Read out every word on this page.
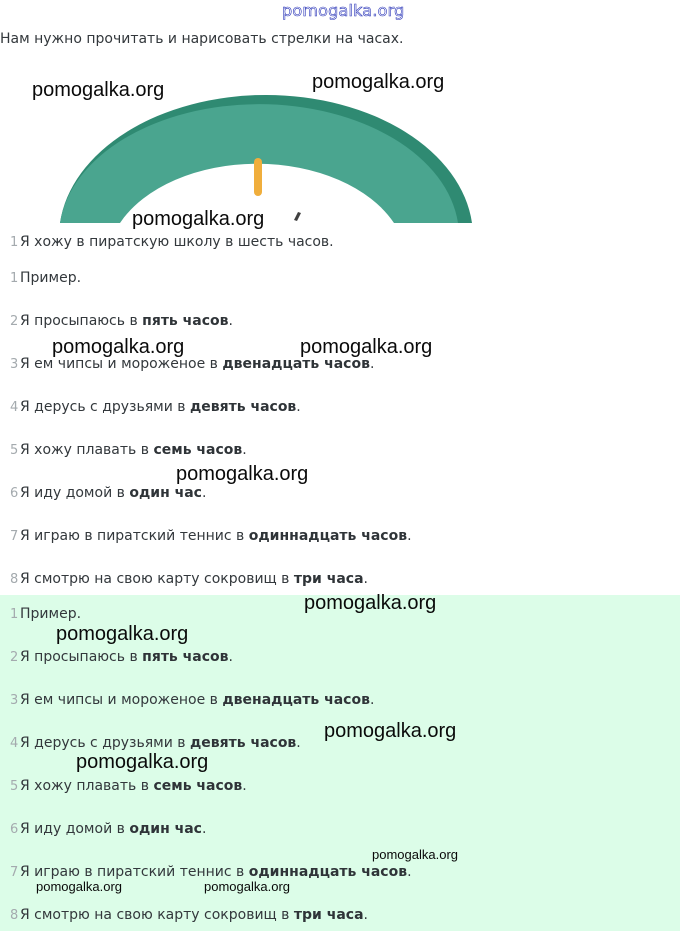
pomogalka.org
Нам нужно прочитать и нарисовать стрелки на часах.
1 Я хожу в пиратскую школу в шесть часов.
1 Пример.
2 Я просыпаюсь в пять часов .
3 Я ем чипсы и мороженое в двенадцать часов .
4 Я дерусь с друзьями в девять часов .
5 Я хожу плавать в семь часов .
6 Я иду домой в один час .
7 Я играю в пиратский теннис в одиннадцать часов .
8 Я смотрю на свою карту сокровищ в три часа .
1 Пример.
2 Я просыпаюсь в пять часов .
3 Я ем чипсы и мороженое в двенадцать часов .
4 Я дерусь с друзьями в девять часов .
5 Я хожу плавать в семь часов .
6 Я иду домой в один час .
7 Я играю в пиратский теннис в одиннадцать часов .
8 Я смотрю на свою карту сокровищ в три часа .
pomogalka.org	pomogalka.org
pomogalka.org
pomogalka.org	pomogalka.org
pomogalka.org
pomogalka.org
pomogalka.org
pomogalka.org
pomogalka.org
pomogalka.org
pomogalka.org	pomogalka.org
